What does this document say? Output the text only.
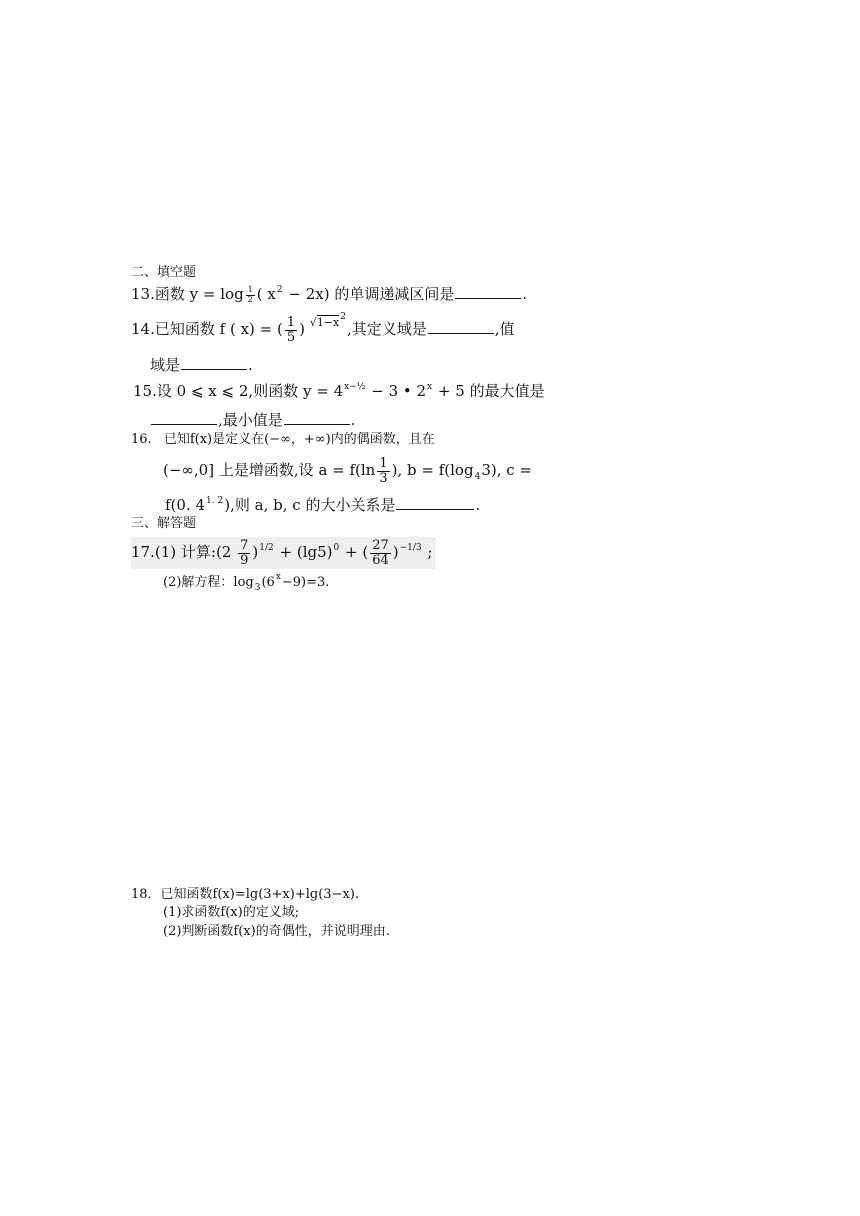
二、填空题
13.函数 $y = \log \frac{1}{2}$ ( $x^2 - 2x$) 的单调递减区间是	.
14.已知函数 f ( x) = ( $\frac{1}{5}$ ) $^{√1-x^2}$,其定义域是	,值
域是	.
15.设 0 ⩽ x ⩽ 2,则函数 $y = 4^{x-\frac{1}{2}} - 3$ • $2^x + 5$ 的最大值是
,最小值是	.
16. 已知f(x)是定义在(−∞，+∞)内的偶函数，且在
(−∞,0] 上是增函数,设 $a = f(\ln \frac{1}{3}$ ), $b = f(\log_43)$, c =
f(0. $4^{1. 2}$),则 a, b, c 的大小关系是	.
三、解答题
17.(1) 计算:(2 $\frac{7}{9} )^{1/2} + (\lg 5)^0$ + ( $\frac{27}{64} )^{-1/3}$ ;
(2)解方程：$\log_3(6^x-9)=3$.
18．已知函数f(x)=lg(3+x)+lg(3−x).
(1)求函数f(x)的定义域;
(2)判断函数f(x)的奇偶性，并说明理由.
